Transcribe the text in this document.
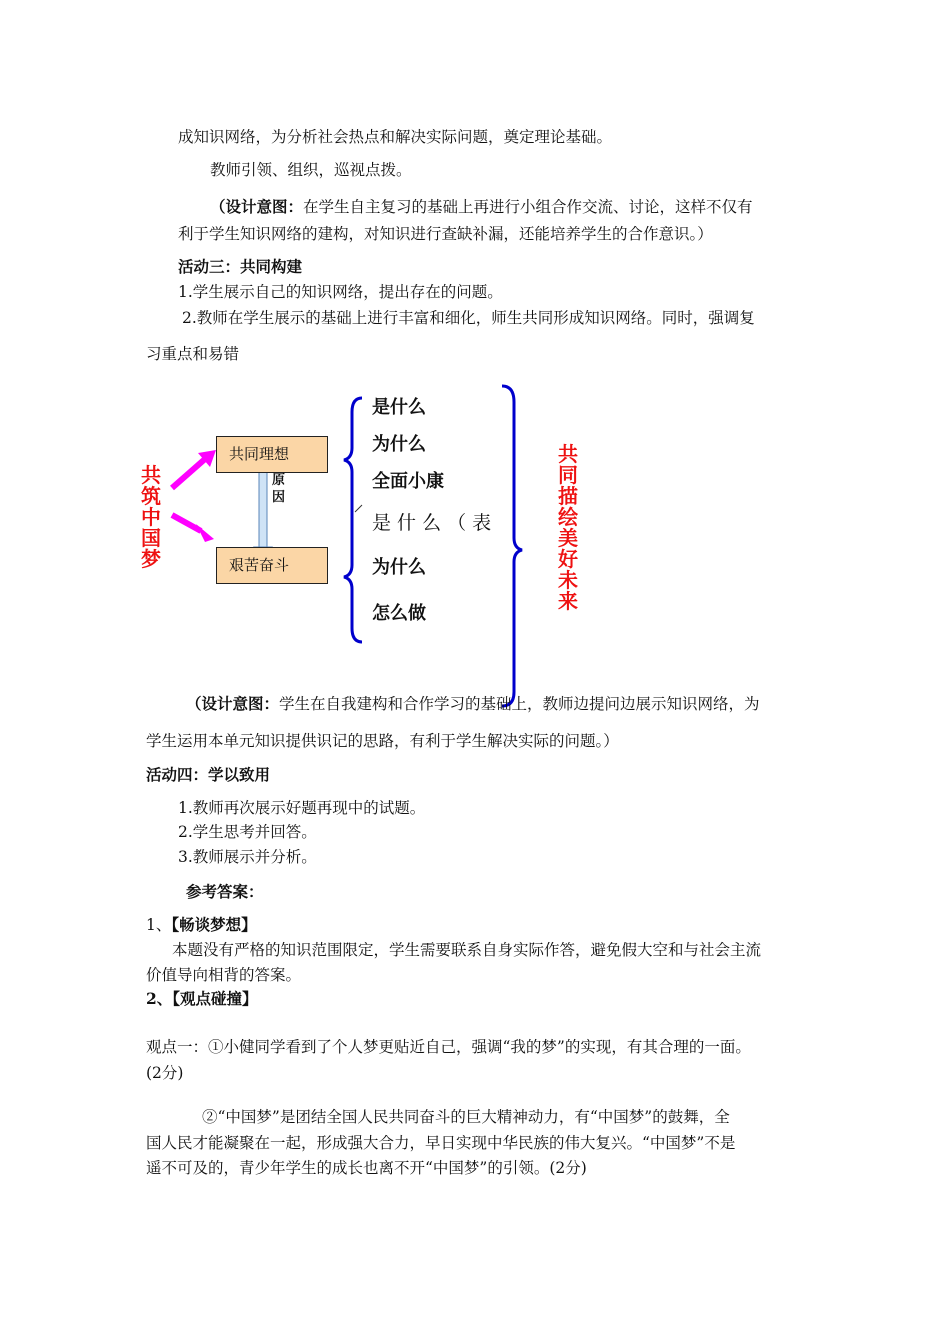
成知识网络，为分析社会热点和解决实际问题，奠定理论基础。
教师引领、组织，巡视点拨。
（设计意图： 在学生自主复习的基础上再进行小组合作交流、讨论，这样不仅有
利于学生知识网络的建构，对知识进行查缺补漏，还能培养学生的合作意识。）
活动三：共同构建
1.学生展示自己的知识网络，提出存在的问题。
2.教师在学生展示的基础上进行丰富和细化，师生共同形成知识网络。同时，强调复
习重点和易错
共筑中国梦
共同理想
艰苦奋斗
原因
是什么
为什么
全面小康
是 什 么 （ 表
为什么
怎么做
共同描绘美好未来
（设计意图：学生在自我建构和合作学习的基础上，教师边提问边展示知识网络，为
学生运用本单元知识提供识记的思路，有利于学生解决实际的问题。）
活动四：学以致用
1.教师再次展示好题再现中的试题。
2.学生思考并回答。
3.教师展示并分析。
参考答案：
1、【畅谈梦想】
本题没有严格的知识范围限定，学生需要联系自身实际作答，避免假大空和与社会主流
价值导向相背的答案。
2、【观点碰撞】
观点一：①小健同学看到了个人梦更贴近自己，强调“我的梦”的实现，有其合理的一面。
(2分)
②“中国梦”是团结全国人民共同奋斗的巨大精神动力，有“中国梦”的鼓舞，全
国人民才能凝聚在一起，形成强大合力，早日实现中华民族的伟大复兴。“中国梦”不是
遥不可及的，青少年学生的成长也离不开“中国梦”的引领。(2分)
